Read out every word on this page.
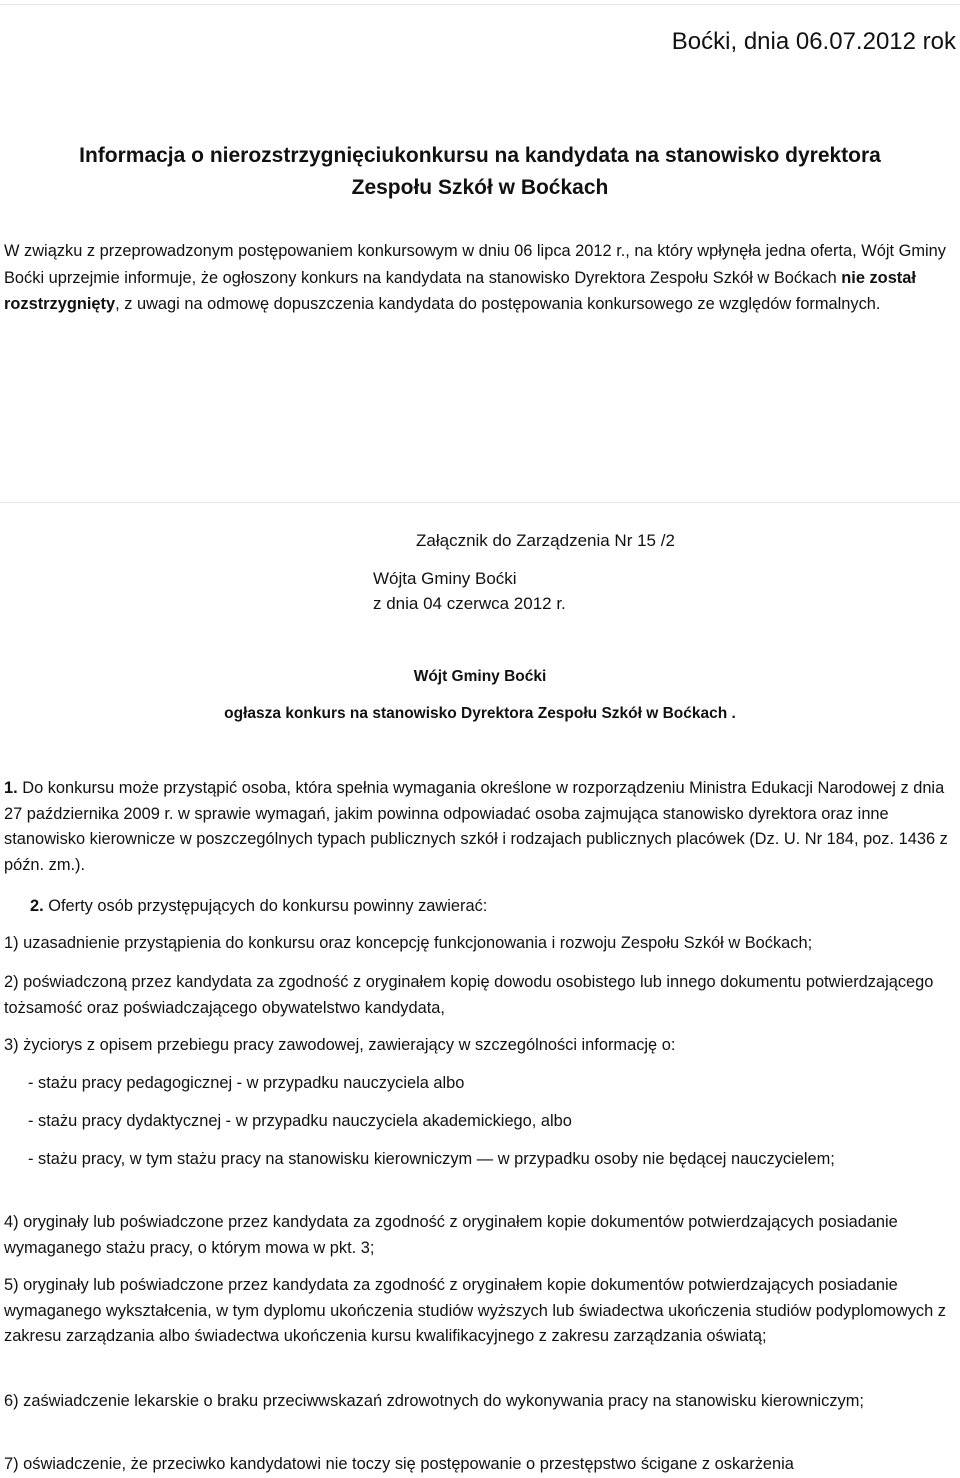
Boćki, dnia 06.07.2012 rok
Informacja o nierozstrzygnięciukonkursu na kandydata na stanowisko dyrektora
Zespołu Szkół w Boćkach
W związku z przeprowadzonym postępowaniem konkursowym w dniu 06 lipca 2012 r., na który wpłynęła jedna oferta, Wójt Gminy Boćki uprzejmie informuje, że ogłoszony konkurs na kandydata na stanowisko Dyrektora Zespołu Szkół w Boćkach nie został rozstrzygnięty, z uwagi na odmowę dopuszczenia kandydata do postępowania konkursowego ze względów formalnych.
Załącznik do Zarządzenia Nr 15 /2
Wójta Gminy Boćki
z dnia 04 czerwca 2012 r.
Wójt Gminy Boćki
ogłasza konkurs na stanowisko Dyrektora Zespołu Szkół w Boćkach .
1. Do konkursu może przystąpić osoba, która spełnia wymagania określone w rozporządzeniu Ministra Edukacji Narodowej z dnia 27 października 2009 r. w sprawie wymagań, jakim powinna odpowiadać osoba zajmująca stanowisko dyrektora oraz inne stanowisko kierownicze w poszczególnych typach publicznych szkół i rodzajach publicznych placówek (Dz. U. Nr 184, poz. 1436 z późn. zm.).
2. Oferty osób przystępujących do konkursu powinny zawierać:
1) uzasadnienie przystąpienia do konkursu oraz koncepcję funkcjonowania i rozwoju Zespołu Szkół w Boćkach;
2) poświadczoną przez kandydata za zgodność z oryginałem kopię dowodu osobistego lub innego dokumentu potwierdzającego tożsamość oraz poświadczającego obywatelstwo kandydata,
3) życiorys z opisem przebiegu pracy zawodowej, zawierający w szczególności informację o:
- stażu pracy pedagogicznej - w przypadku nauczyciela albo
- stażu pracy dydaktycznej - w przypadku nauczyciela akademickiego, albo
- stażu pracy, w tym stażu pracy na stanowisku kierowniczym — w przypadku osoby nie będącej nauczycielem;
4) oryginały lub poświadczone przez kandydata za zgodność z oryginałem kopie dokumentów potwierdzających posiadanie wymaganego stażu pracy, o którym mowa w pkt. 3;
5) oryginały lub poświadczone przez kandydata za zgodność z oryginałem kopie dokumentów potwierdzających posiadanie wymaganego wykształcenia, w tym dyplomu ukończenia studiów wyższych lub świadectwa ukończenia studiów podyplomowych z zakresu zarządzania albo świadectwa ukończenia kursu kwalifikacyjnego z zakresu zarządzania oświatą;
6) zaświadczenie lekarskie o braku przeciwwskazań zdrowotnych do wykonywania pracy na stanowisku kierowniczym;
7) oświadczenie, że przeciwko kandydatowi nie toczy się postępowanie o przestępstwo ścigane z oskarżenia
